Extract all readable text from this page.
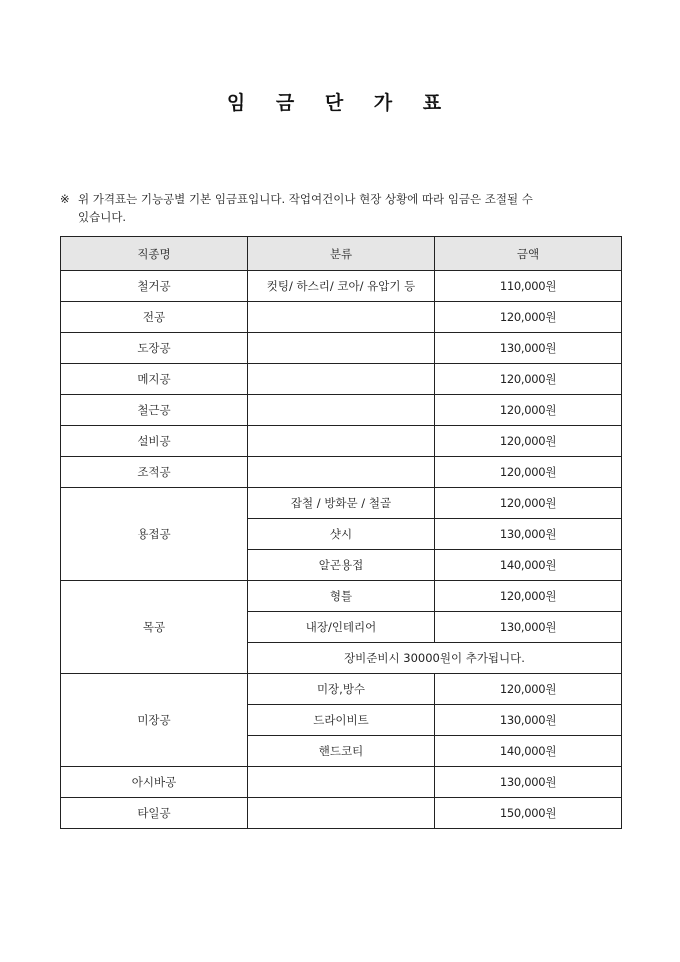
임 금 단 가 표
※ 위 가격표는 기능공별 기본 임금표입니다. 작업여건이나 현장 상황에 따라 임금은 조절될 수
있습니다.
직종명	분류	금액
철거공	컷팅/ 하스리/ 코아/ 유압기 등	110,000원
전공		120,000원
도장공		130,000원
메지공		120,000원
철근공		120,000원
설비공		120,000원
조적공		120,000원
용접공	잡철 / 방화문 / 철골	120,000원
	샷시	130,000원
	알곤용접	140,000원
목공	형틀	120,000원
	내장/인테리어	130,000원
	장비준비시 30000원이 추가됩니다.	
미장공	미장,방수	120,000원
	드라이비트	130,000원
	핸드코티	140,000원
아시바공		130,000원
타일공		150,000원
